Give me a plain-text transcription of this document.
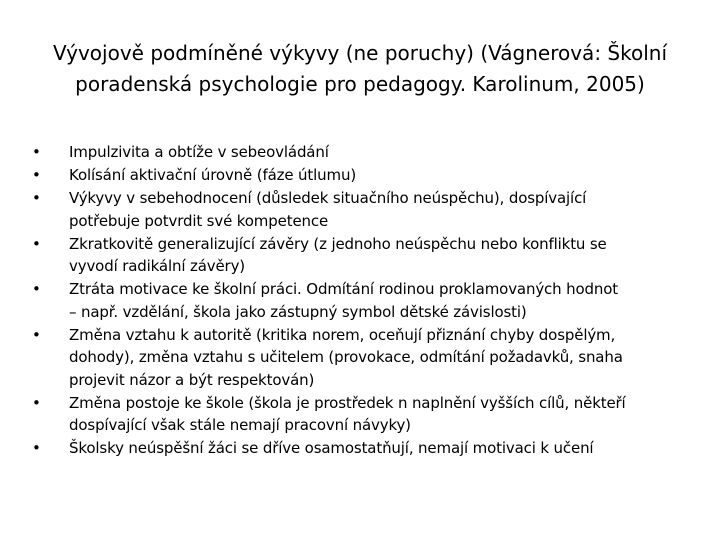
Vývojově podmíněné výkyvy (ne poruchy) (Vágnerová: Školní
poradenská psychologie pro pedagogy. Karolinum, 2005)
•	Impulzivita a obtíže v sebeovládání
•	Kolísání aktivační úrovně (fáze útlumu)
•	Výkyvy v sebehodnocení (důsledek situačního neúspěchu), dospívající
potřebuje potvrdit své kompetence
•	Zkratkovitě generalizující závěry (z jednoho neúspěchu nebo konfliktu se
vyvodí radikální závěry)
•	Ztráta motivace ke školní práci. Odmítání rodinou proklamovaných hodnot
– např. vzdělání, škola jako zástupný symbol dětské závislosti)
•	Změna vztahu k autoritě (kritika norem, oceňují přiznání chyby dospělým,
dohody), změna vztahu s učitelem (provokace, odmítání požadavků, snaha
projevit názor a být respektován)
•	Změna postoje ke škole (škola je prostředek n naplnění vyšších cílů, někteří
dospívající však stále nemají pracovní návyky)
•	Školsky neúspěšní žáci se dříve osamostatňují, nemají motivaci k učení
